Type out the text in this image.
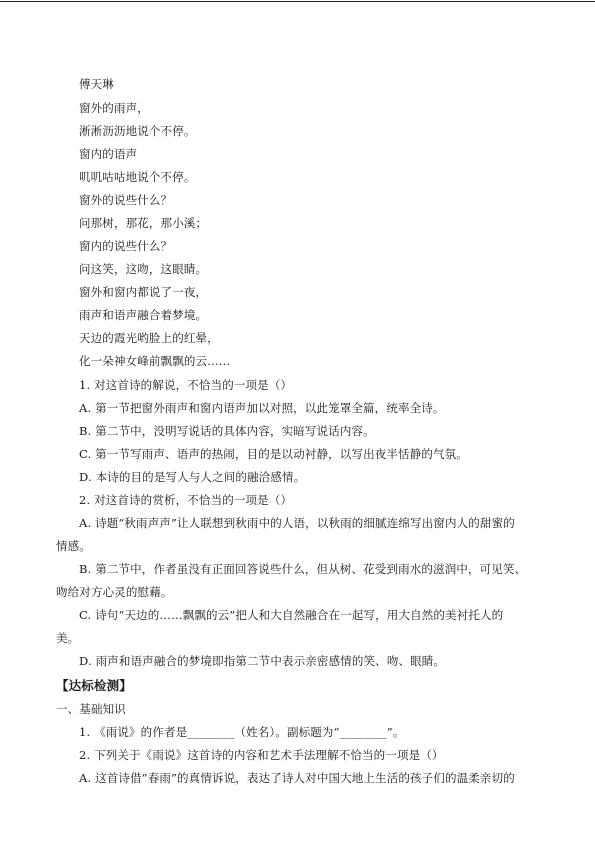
傅天琳
窗外的雨声，
淅淅沥沥地说个不停。
窗内的语声
叽叽咕咕地说个不停。
窗外的说些什么？
问那树，那花，那小溪；
窗内的说些什么？
问这笑，这吻，这眼睛。
窗外和窗内都说了一夜，
雨声和语声融合着梦境。
天边的霞光哟脸上的红晕，
化一朵神女峰前飘飘的云……
1. 对这首诗的解说，不恰当的一项是（）
A. 第一节把窗外雨声和窗内语声加以对照，以此笼罩全篇，统率全诗。
B. 第二节中，没明写说话的具体内容，实暗写说话内容。
C. 第一节写雨声、语声的热闹，目的是以动衬静，以写出夜半恬静的气氛。
D. 本诗的目的是写人与人之间的融洽感情。
2. 对这首诗的赏析，不恰当的一项是（）
A. 诗题“秋雨声声”让人联想到秋雨中的人语，以秋雨的细腻连绵写出窗内人的甜蜜的
情感。
B. 第二节中，作者虽没有正面回答说些什么，但从树、花受到雨水的滋润中，可见笑、
吻给对方心灵的慰藉。
C. 诗句“天边的……飘飘的云”把人和大自然融合在一起写，用大自然的美衬托人的
美。
D. 雨声和语声融合的梦境即指第二节中表示亲密感情的笑、吻、眼睛。
【达标检测】
一、基础知识
1. 《雨说》的作者是________（姓名）。副标题为“________”。
2. 下列关于《雨说》这首诗的内容和艺术手法理解不恰当的一项是（）
A. 这首诗借“春雨”的真情诉说，表达了诗人对中国大地上生活的孩子们的温柔亲切的
